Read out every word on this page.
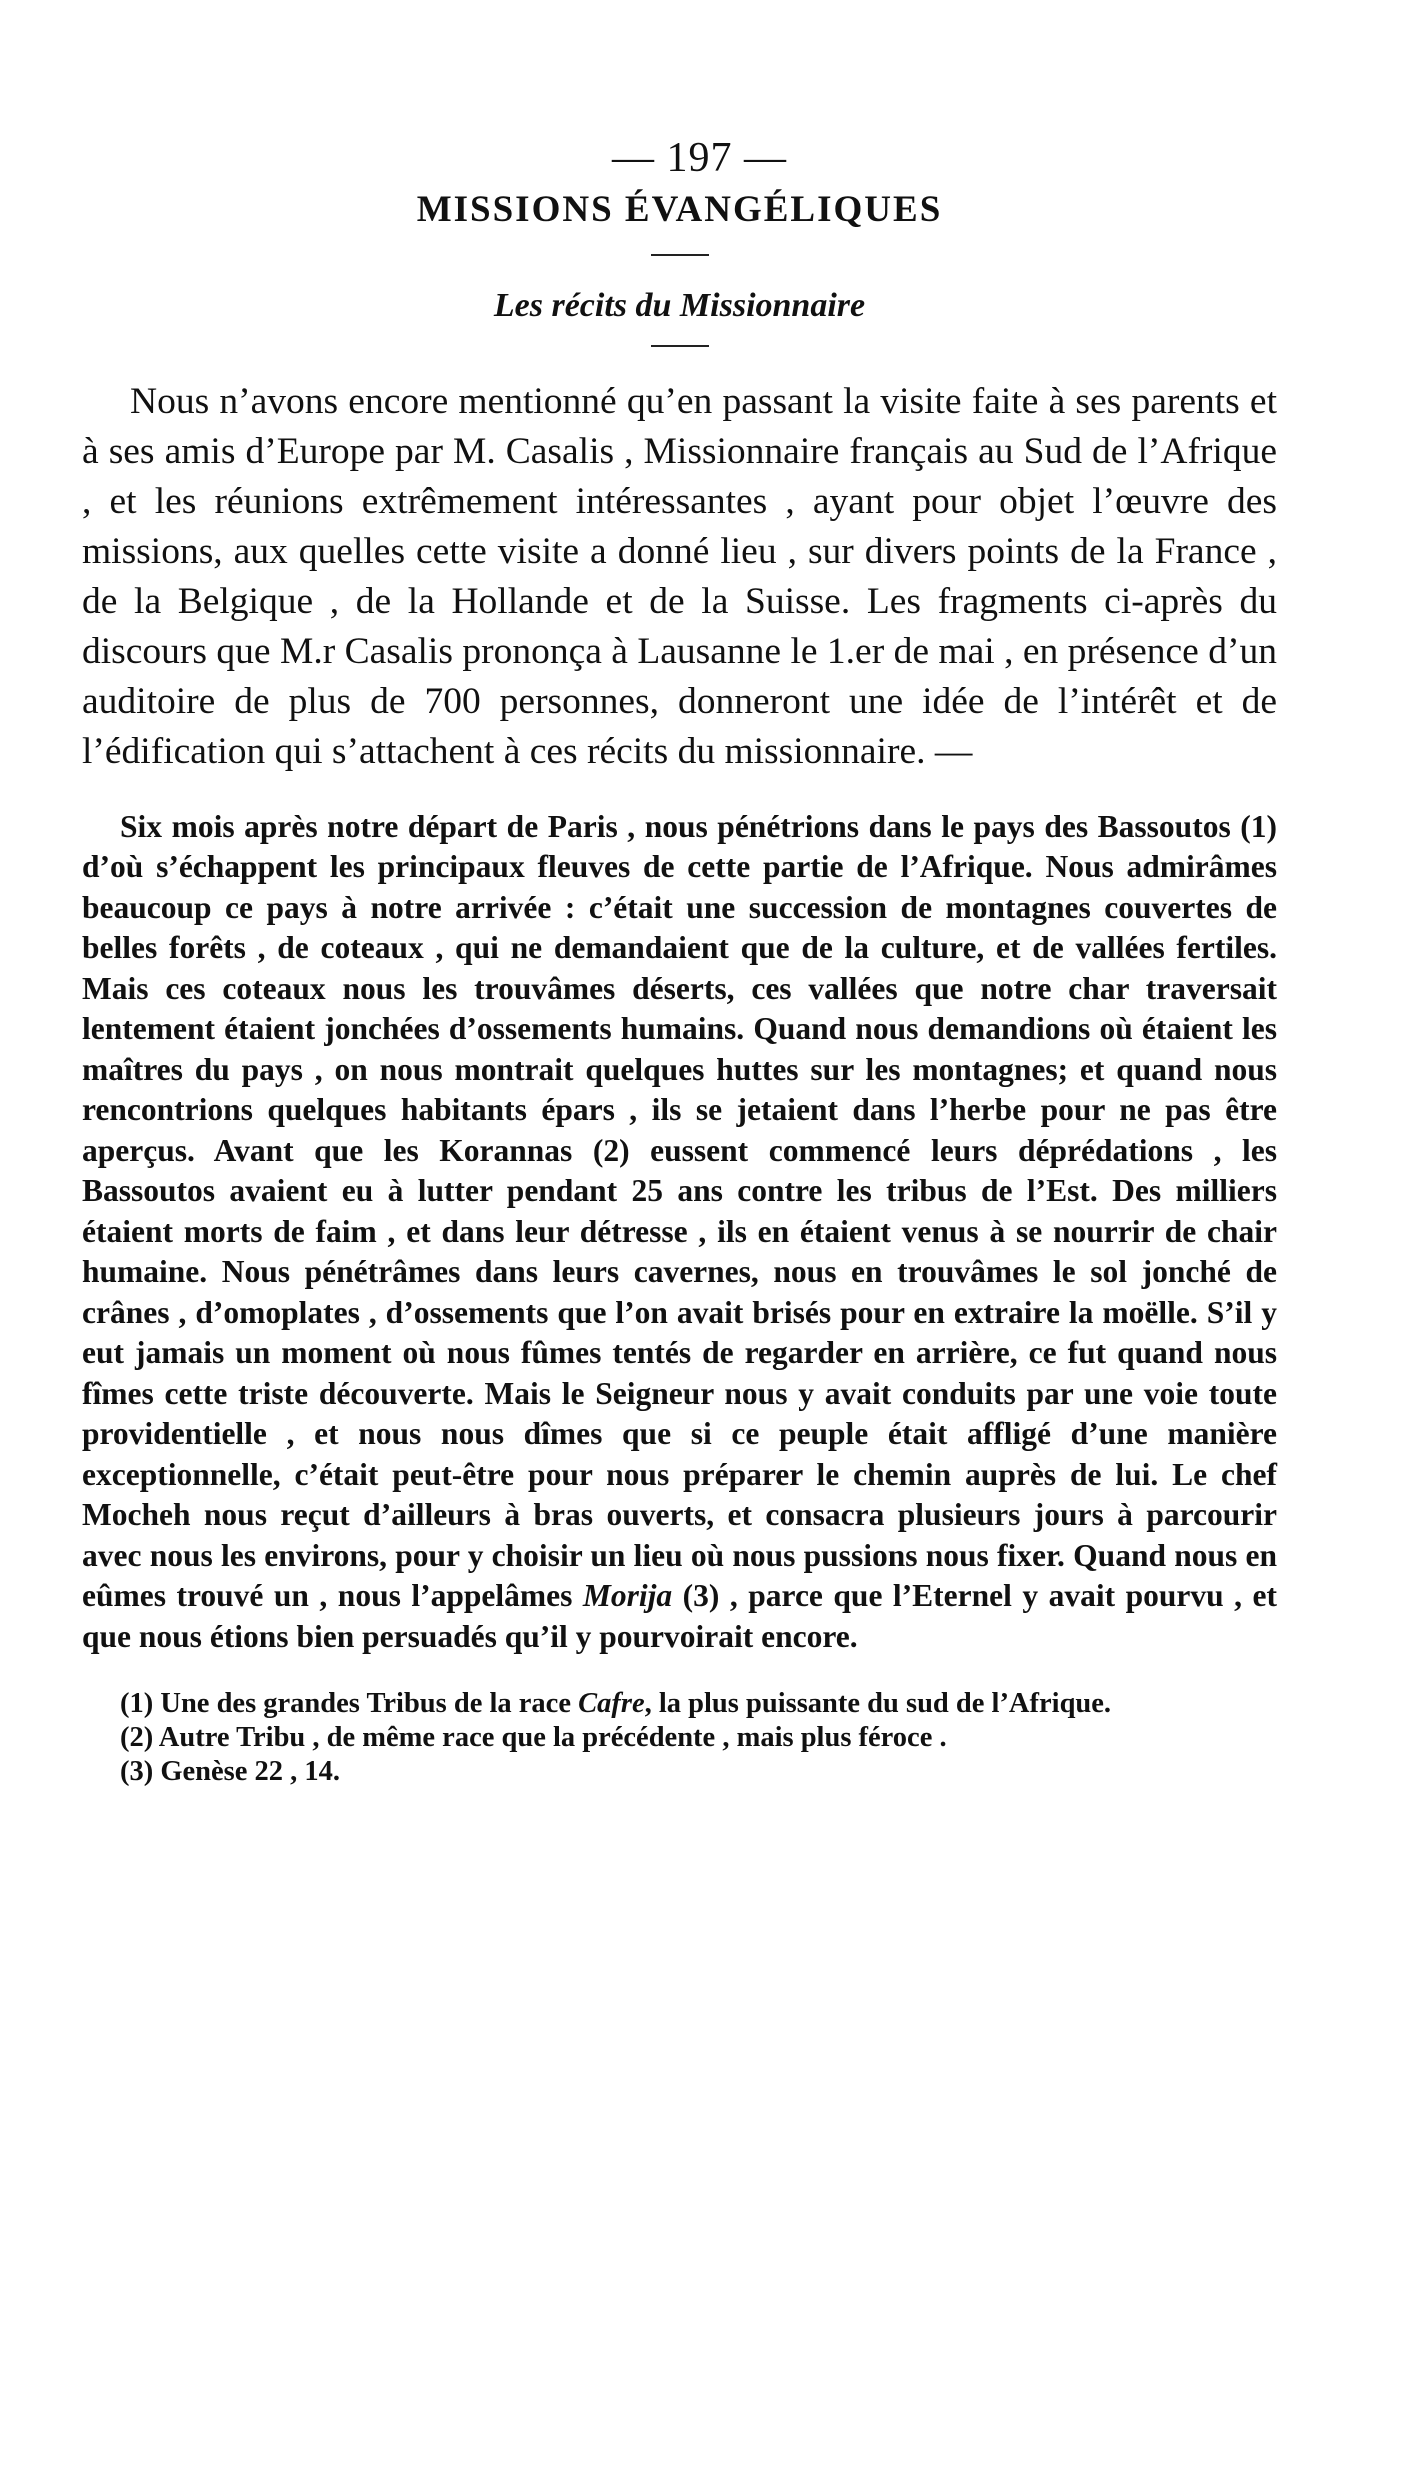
— 197 —
MISSIONS ÉVANGÉLIQUES
Les récits du Missionnaire

Nous n’avons encore mentionné qu’en passant la visite faite à ses parents et à ses amis d’Europe par M. Casalis , Missionnaire français au Sud de l’Afrique , et les réunions extrêmement intéressantes , ayant pour objet l’œuvre des missions, aux quelles cette visite a donné lieu , sur divers points de la France , de la Belgique , de la Hollande et de la Suisse. Les fragments ci-après du discours que M.r Casalis prononça à Lausanne le 1.er de mai , en présence d’un auditoire de plus de 700 personnes, donneront une idée de l’intérêt et de l’édification qui s’attachent à ces récits du missionnaire. —

Six mois après notre départ de Paris , nous pénétrions dans le pays des Bassoutos (1) d’où s’échappent les principaux fleuves de cette partie de l’Afrique. Nous admirâmes beaucoup ce pays à notre arrivée : c’était une succession de montagnes couvertes de belles forêts , de coteaux , qui ne demandaient que de la culture, et de vallées fertiles. Mais ces coteaux nous les trouvâmes déserts, ces vallées que notre char traversait lentement étaient jonchées d’ossements humains. Quand nous demandions où étaient les maîtres du pays , on nous montrait quelques huttes sur les montagnes; et quand nous rencontrions quelques habitants épars , ils se jetaient dans l’herbe pour ne pas être aperçus. Avant que les Korannas (2) eussent commencé leurs déprédations , les Bassoutos avaient eu à lutter pendant 25 ans contre les tribus de l’Est. Des milliers étaient morts de faim , et dans leur détresse , ils en étaient venus à se nourrir de chair humaine. Nous pénétrâmes dans leurs cavernes, nous en trouvâmes le sol jonché de crânes , d’omoplates , d’ossements que l’on avait brisés pour en extraire la moëlle. S’il y eut jamais un moment où nous fûmes tentés de regarder en arrière, ce fut quand nous fîmes cette triste découverte. Mais le Seigneur nous y avait conduits par une voie toute providentielle , et nous nous dîmes que si ce peuple était affligé d’une manière exceptionnelle, c’était peut-être pour nous préparer le chemin auprès de lui. Le chef Mocheh nous reçut d’ailleurs à bras ouverts, et consacra plusieurs jours à parcourir avec nous les environs, pour y choisir un lieu où nous pussions nous fixer. Quand nous en eûmes trouvé un , nous l’appelâmes Morija (3) , parce que l’Eternel y avait pourvu , et que nous étions bien persuadés qu’il y pourvoirait encore.

(1) Une des grandes Tribus de la race Cafre, la plus puissante du sud de l’Afrique.

(2) Autre Tribu , de même race que la précédente , mais plus féroce .

(3) Genèse 22 , 14.
